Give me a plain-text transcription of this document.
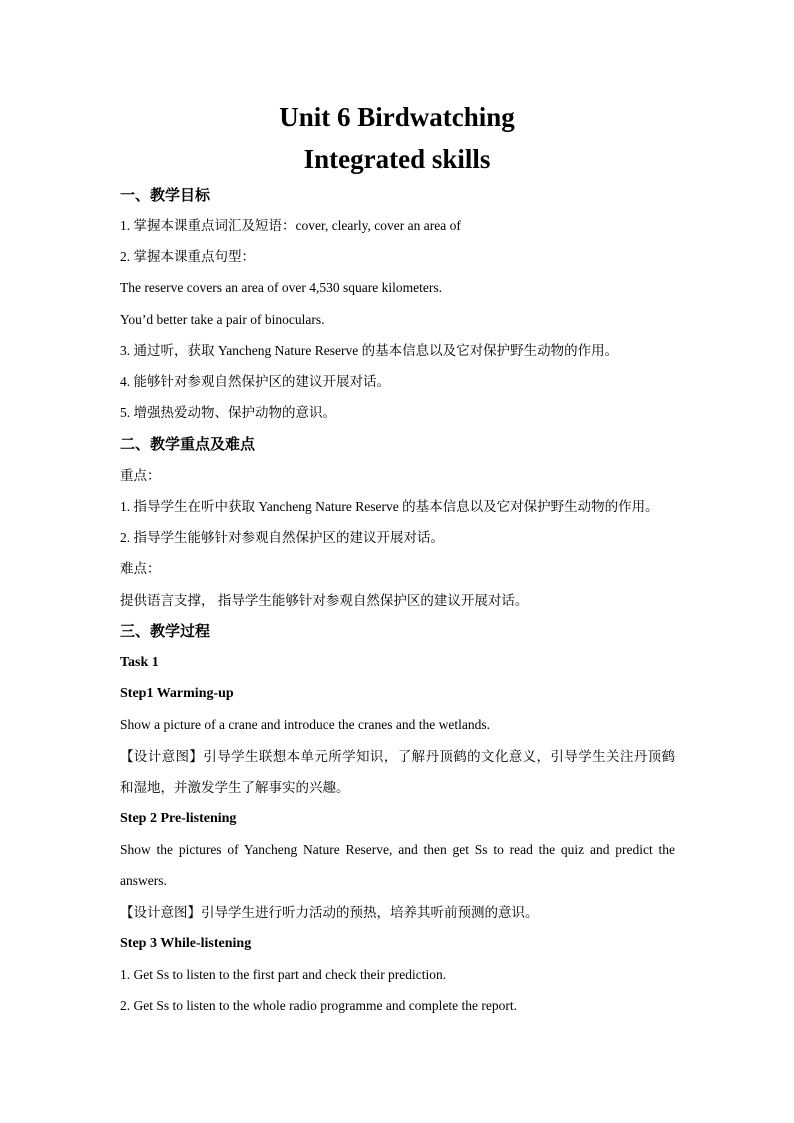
Unit 6 Birdwatching
Integrated skills
一、教学目标
1. 掌握本课重点词汇及短语：cover, clearly, cover an area of
2. 掌握本课重点句型：
The reserve covers an area of over 4,530 square kilometers.
You’d better take a pair of binoculars.
3. 通过听，获取 Yancheng Nature Reserve 的基本信息以及它对保护野生动物的作用。
4. 能够针对参观自然保护区的建议开展对话。
5. 增强热爱动物、保护动物的意识。
二、教学重点及难点
重点：
1. 指导学生在听中获取 Yancheng Nature Reserve 的基本信息以及它对保护野生动物的作用。
2. 指导学生能够针对参观自然保护区的建议开展对话。
难点：
提供语言支撑， 指导学生能够针对参观自然保护区的建议开展对话。
三、教学过程
Task 1
Step1 Warming-up
Show a picture of a crane and introduce the cranes and the wetlands.
【设计意图】引导学生联想本单元所学知识，了解丹顶鹤的文化意义，引导学生关注丹顶鹤
和湿地，并激发学生了解事实的兴趣。
Step 2 Pre-listening
Show the pictures of Yancheng Nature Reserve, and then get Ss to read the quiz and predict the
answers.
【设计意图】引导学生进行听力活动的预热，培养其听前预测的意识。
Step 3 While-listening
1. Get Ss to listen to the first part and check their prediction.
2. Get Ss to listen to the whole radio programme and complete the report.
